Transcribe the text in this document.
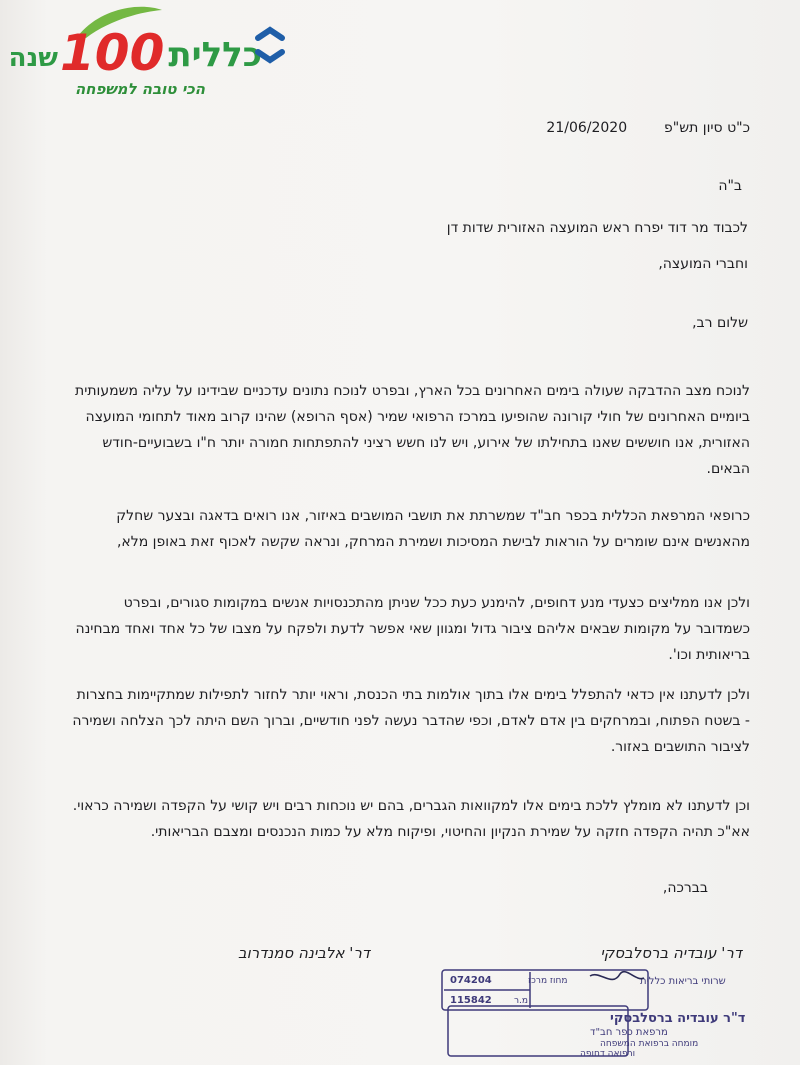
100 כללית
שנה
הכי טובה למשפחה
כ"ט סיון תש"פ  21/06/2020
ב"ה
לכבוד מר דוד יפרח ראש המועצה האזורית שדות דן
וחברי המועצה,
שלום רב,
לנוכח מצב ההדבקה שעולה בימים האחרונים בכל הארץ, ובפרט לנוכח נתונים עדכניים שבידינו על עליה משמעותית
ביומיים האחרונים של חולי קורונה שהופיעו במרכז הרפואי שמיר (אסף הרופא) שהינו קרוב מאוד לתחומי המועצה
האזורית, אנו חוששים שאנו בתחילתו של אירוע, ויש לנו חשש רציני להתפתחות חמורה יותר ח"ו בשבועיים-חודש
הבאים.
כרופאי המרפאת הכללית בכפר חב"ד שמשרתת את תושבי המושבים באיזור, אנו רואים בדאגה ובצער שחלק
מהאנשים אינם שומרים על הוראות לבישת המסיכות ושמירת המרחק, ונראה שקשה לאכוף זאת באופן מלא,
ולכן אנו ממליצים כצעדי מנע דחופים, להימנע כעת ככל שניתן מהתכנסויות אנשים במקומות סגורים, ובפרט
כשמדובר על מקומות שבאים אליהם ציבור גדול ומגוון שאי אפשר לדעת ולפקח על מצבו של כל אחד ואחד מבחינה
בריאותית וכו'.
ולכן לדעתנו אין כדאי להתפלל בימים אלו בתוך אולמות בתי הכנסת, וראוי יותר לחזור לתפילות שמתקיימות בחצרות
- בשטח הפתוח, ובמרחקים בין אדם לאדם, וכפי שהדבר נעשה לפני חודשיים, וברוך השם היתה לכך הצלחה ושמירה
לציבור התושבים באזור.
וכן לדעתנו לא מומלץ ללכת בימים אלו למקוואות הגברים, בהם יש נוכחות רבים ויש קושי על הקפדה ושמירה כראוי.
אא"כ תהיה הקפדה חזקה על שמירת הנקיון והחיטוי, ופיקוח מלא על כמות הנכנסים ומצבם הבריאותי.
בברכה,
דר' עובדיה ברסלבסקי
דר' אלבינה סמנדרוב
שרותי בריאות כללית
מחוז מרכז
074204
מ.ר
115842
ד"ר עובדיה ברסלבסקי
מרפאת כפר חב"ד
מומחה ברפואת המשפחה
ורפואה דחופה
